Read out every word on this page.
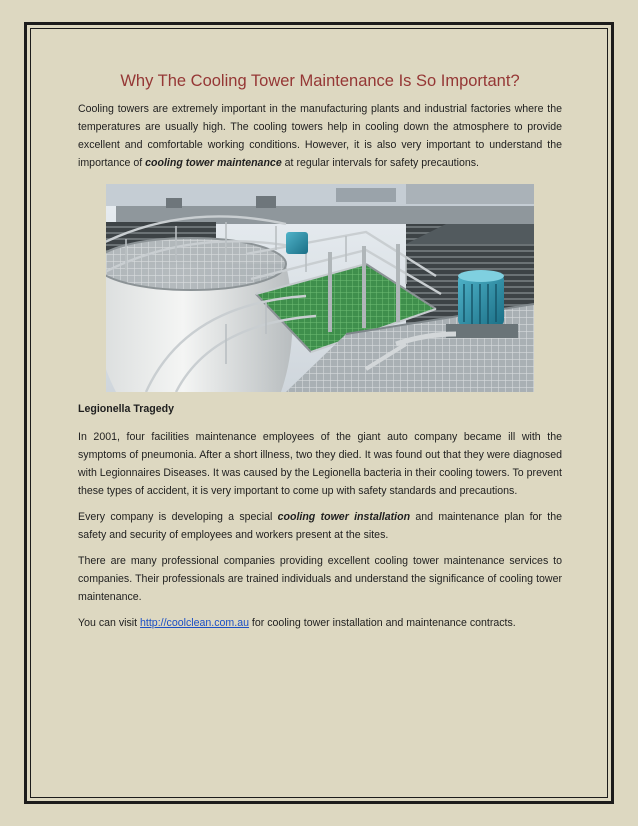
Why The Cooling Tower Maintenance Is So Important?

Cooling towers are extremely important in the manufacturing plants and industrial factories where the temperatures are usually high. The cooling towers help in cooling down the atmosphere to provide excellent and comfortable working conditions. However, it is also very important to understand the importance of cooling tower maintenance at regular intervals for safety precautions.

Legionella Tragedy

In 2001, four facilities maintenance employees of the giant auto company became ill with the symptoms of pneumonia. After a short illness, two they died. It was found out that they were diagnosed with Legionnaires Diseases. It was caused by the Legionella bacteria in their cooling towers. To prevent these types of accident, it is very important to come up with safety standards and precautions.

Every company is developing a special cooling tower installation and maintenance plan for the safety and security of employees and workers present at the sites.

There are many professional companies providing excellent cooling tower maintenance services to companies. Their professionals are trained individuals and understand the significance of cooling tower maintenance.

You can visit http://coolclean.com.au for cooling tower installation and maintenance contracts.
